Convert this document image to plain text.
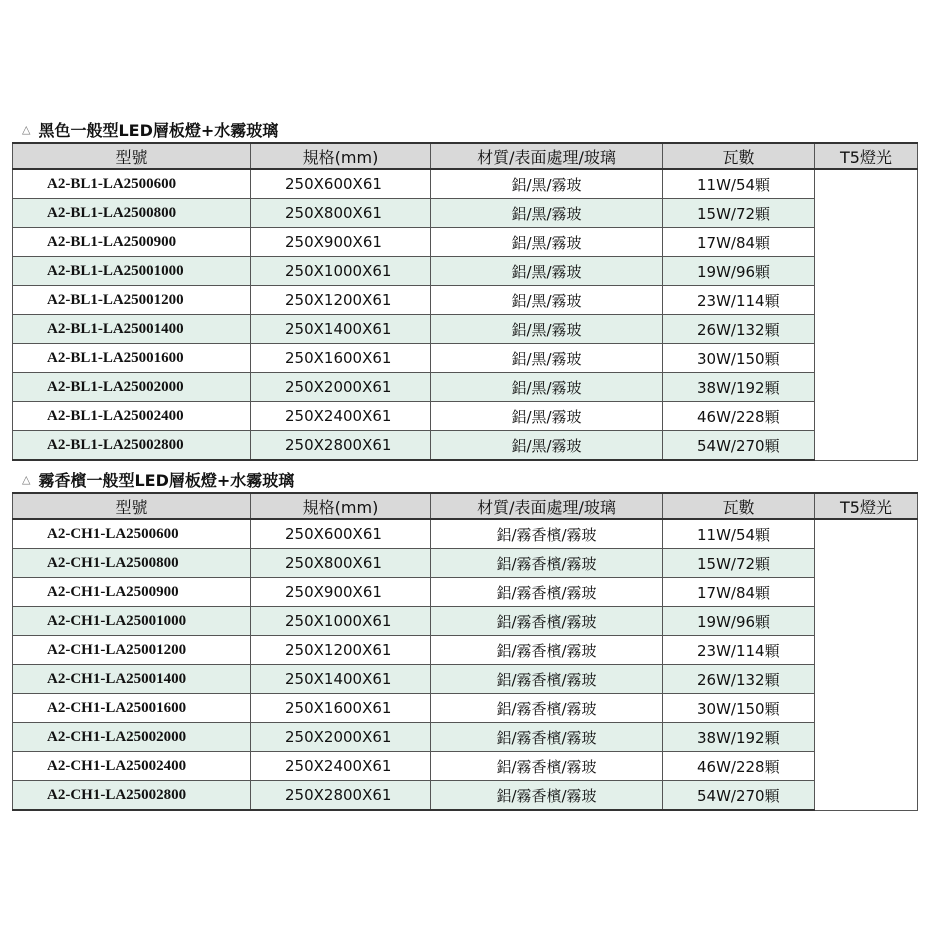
△ 黑色一般型LED層板燈+水霧玻璃
型號	規格(mm)	材質/表面處理/玻璃	瓦數	T5燈光
A2-BL1-LA2500600	250X600X61	鋁/黑/霧玻	11W/54顆	
A2-BL1-LA2500800	250X800X61	鋁/黑/霧玻	15W/72顆	
A2-BL1-LA2500900	250X900X61	鋁/黑/霧玻	17W/84顆	
A2-BL1-LA25001000	250X1000X61	鋁/黑/霧玻	19W/96顆	
A2-BL1-LA25001200	250X1200X61	鋁/黑/霧玻	23W/114顆	
A2-BL1-LA25001400	250X1400X61	鋁/黑/霧玻	26W/132顆	
A2-BL1-LA25001600	250X1600X61	鋁/黑/霧玻	30W/150顆	
A2-BL1-LA25002000	250X2000X61	鋁/黑/霧玻	38W/192顆	
A2-BL1-LA25002400	250X2400X61	鋁/黑/霧玻	46W/228顆	
A2-BL1-LA25002800	250X2800X61	鋁/黑/霧玻	54W/270顆	
△ 霧香檳一般型LED層板燈+水霧玻璃
型號	規格(mm)	材質/表面處理/玻璃	瓦數	T5燈光
A2-CH1-LA2500600	250X600X61	鋁/霧香檳/霧玻	11W/54顆	
A2-CH1-LA2500800	250X800X61	鋁/霧香檳/霧玻	15W/72顆	
A2-CH1-LA2500900	250X900X61	鋁/霧香檳/霧玻	17W/84顆	
A2-CH1-LA25001000	250X1000X61	鋁/霧香檳/霧玻	19W/96顆	
A2-CH1-LA25001200	250X1200X61	鋁/霧香檳/霧玻	23W/114顆	
A2-CH1-LA25001400	250X1400X61	鋁/霧香檳/霧玻	26W/132顆	
A2-CH1-LA25001600	250X1600X61	鋁/霧香檳/霧玻	30W/150顆	
A2-CH1-LA25002000	250X2000X61	鋁/霧香檳/霧玻	38W/192顆	
A2-CH1-LA25002400	250X2400X61	鋁/霧香檳/霧玻	46W/228顆	
A2-CH1-LA25002800	250X2800X61	鋁/霧香檳/霧玻	54W/270顆	
